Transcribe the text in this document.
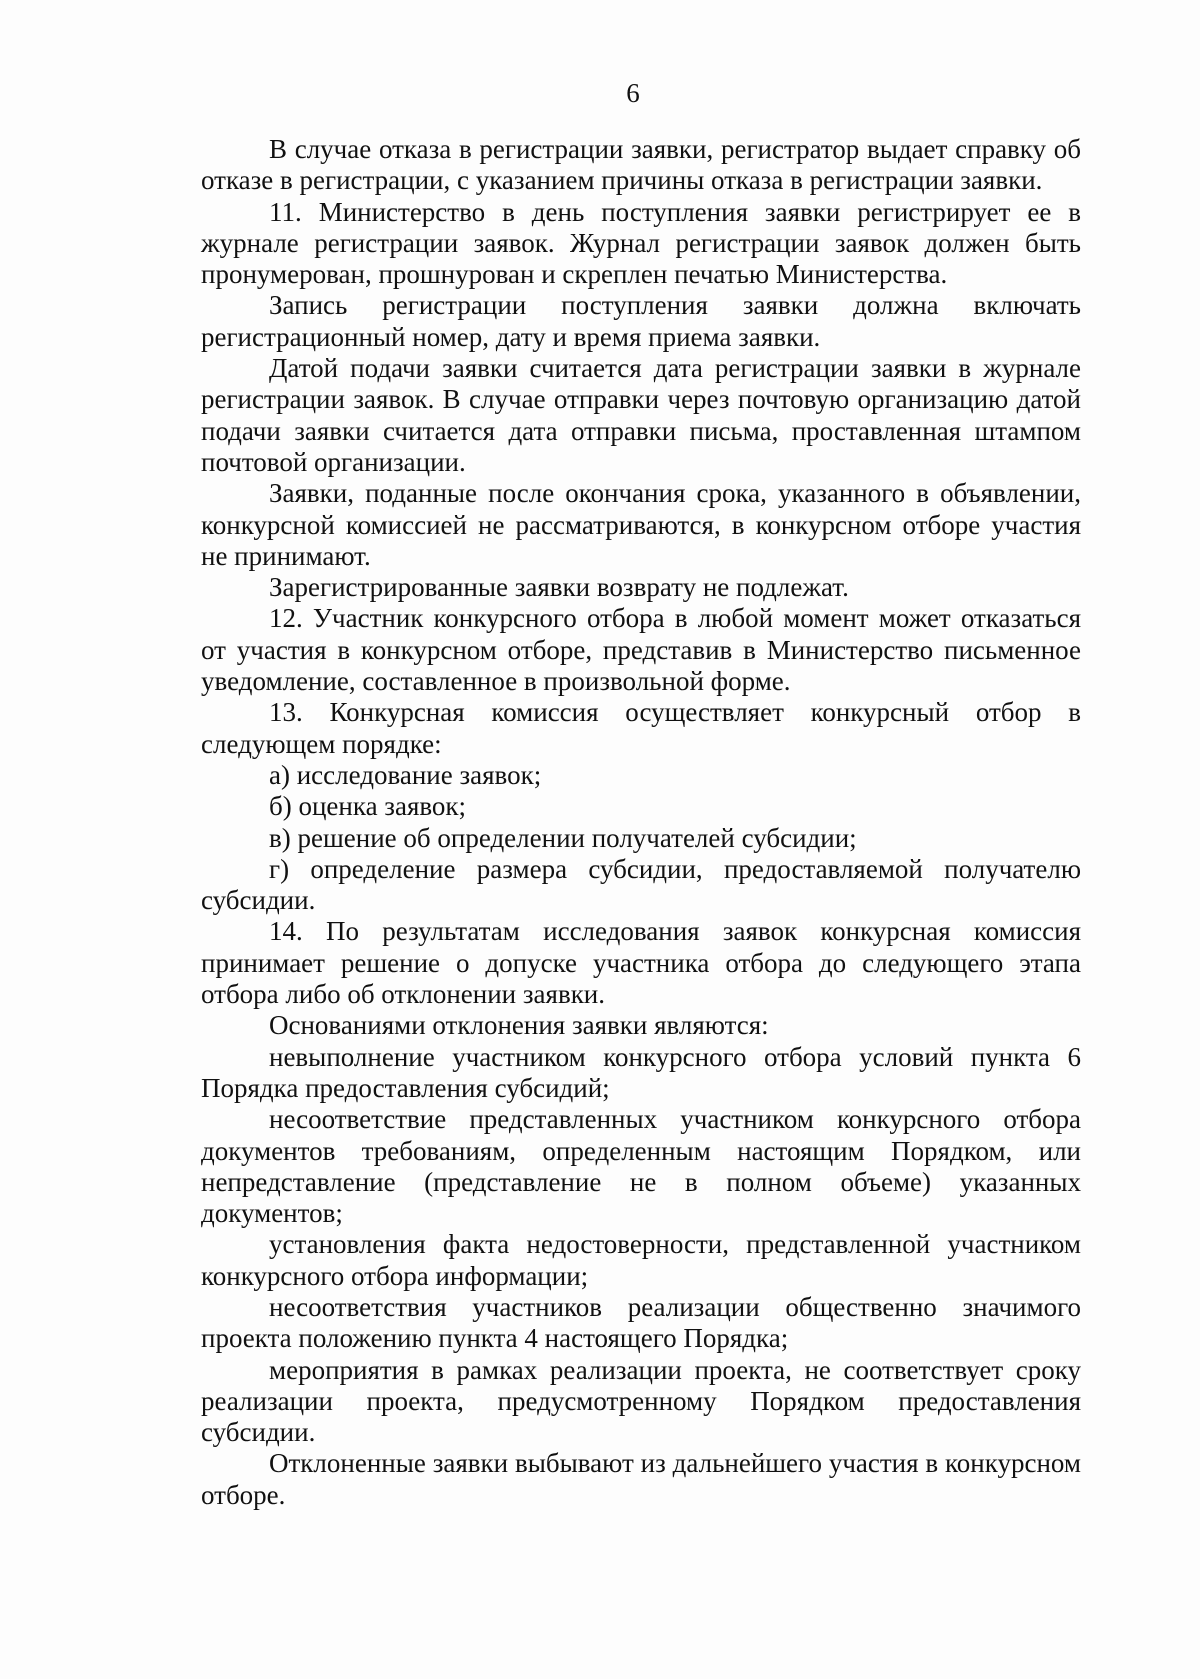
6

В случае отказа в регистрации заявки, регистратор выдает справку об отказе в регистрации, с указанием причины отказа в регистрации заявки.

11. Министерство в день поступления заявки регистрирует ее в журнале регистрации заявок. Журнал регистрации заявок должен быть пронумерован, прошнурован и скреплен печатью Министерства.

Запись регистрации поступления заявки должна включать регистрационный номер, дату и время приема заявки.

Датой подачи заявки считается дата регистрации заявки в журнале регистрации заявок. В случае отправки через почтовую организацию датой подачи заявки считается дата отправки письма, проставленная штампом почтовой организации.

Заявки, поданные после окончания срока, указанного в объявлении, конкурсной комиссией не рассматриваются, в конкурсном отборе участия не принимают.

Зарегистрированные заявки возврату не подлежат.

12. Участник конкурсного отбора в любой момент может отказаться от участия в конкурсном отборе, представив в Министерство письменное уведомление, составленное в произвольной форме.

13. Конкурсная комиссия осуществляет конкурсный отбор в следующем порядке:

а) исследование заявок;

б) оценка заявок;

в) решение об определении получателей субсидии;

г) определение размера субсидии, предоставляемой получателю субсидии.

14. По результатам исследования заявок конкурсная комиссия принимает решение о допуске участника отбора до следующего этапа отбора либо об отклонении заявки.

Основаниями отклонения заявки являются:

невыполнение участником конкурсного отбора условий пункта 6 Порядка предоставления субсидий;

несоответствие представленных участником конкурсного отбора документов требованиям, определенным настоящим Порядком, или непредставление (представление не в полном объеме) указанных документов;

установления факта недостоверности, представленной участником конкурсного отбора информации;

несоответствия участников реализации общественно значимого проекта положению пункта 4 настоящего Порядка;

мероприятия в рамках реализации проекта, не соответствует сроку реализации проекта, предусмотренному Порядком предоставления субсидии.

Отклоненные заявки выбывают из дальнейшего участия в конкурсном отборе.
